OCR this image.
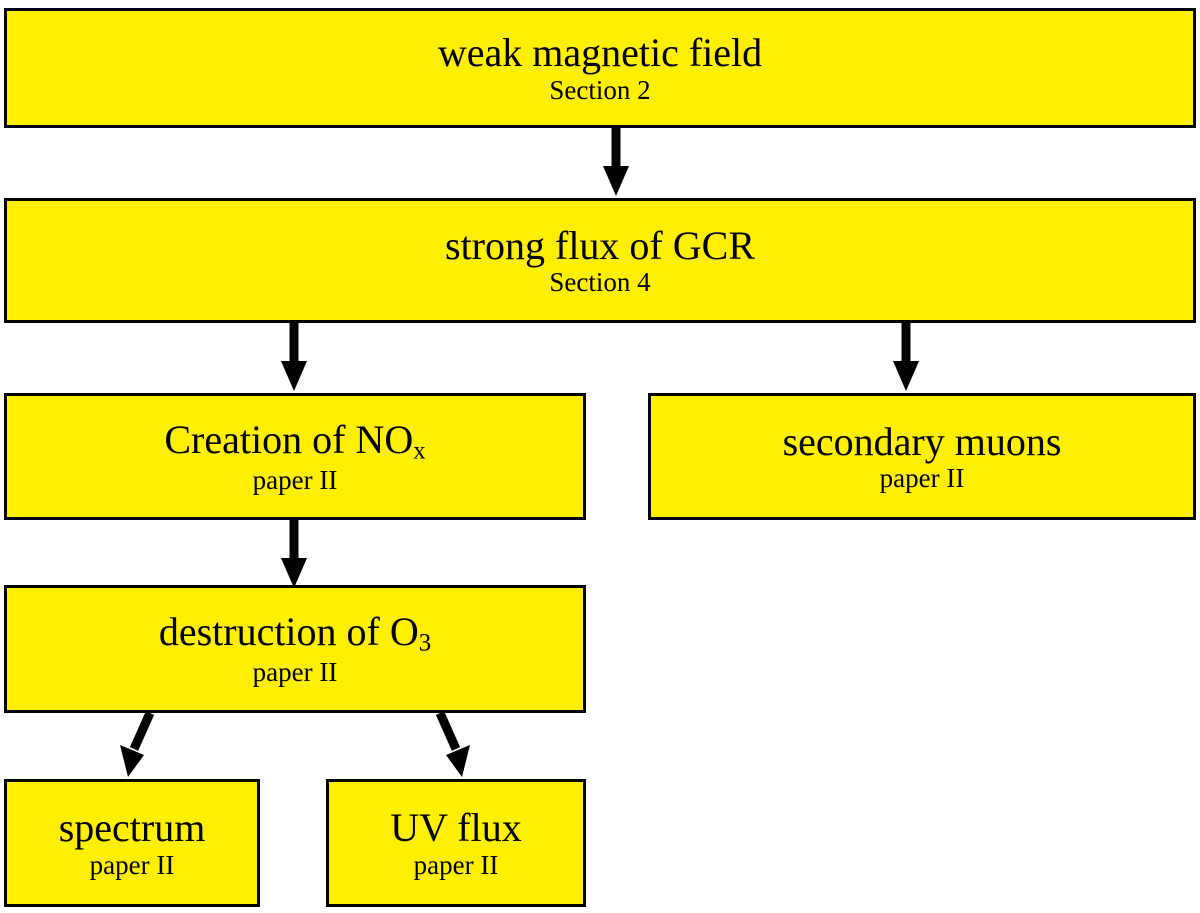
weak magnetic field
Section 2
strong flux of GCR
Section 4
Creation of $NO_x$
paper II
secondary muons
paper II
destruction of $O_3$
paper II
spectrum
paper II
UV flux
paper II
